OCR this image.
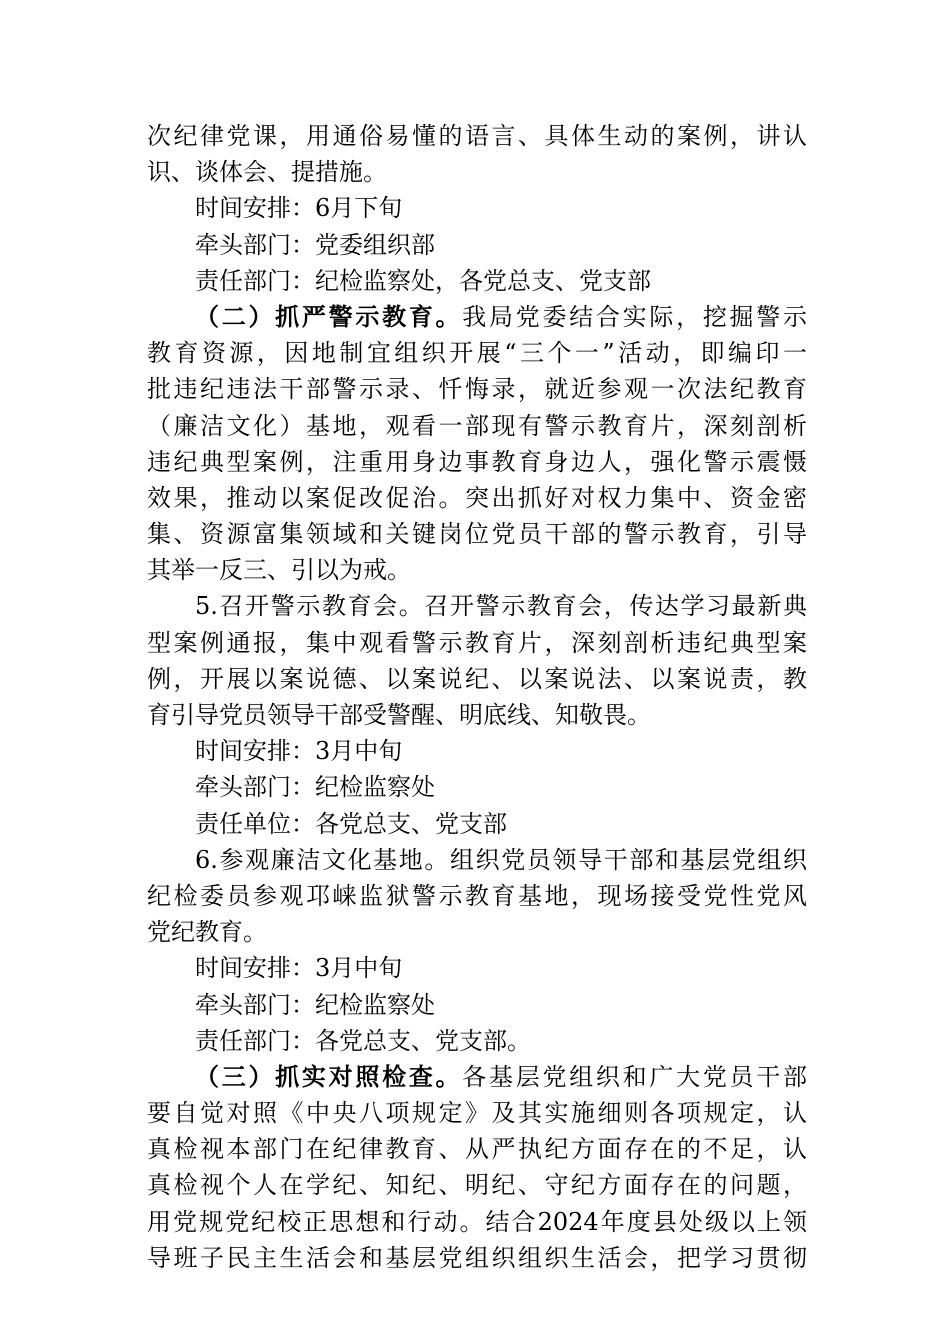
次纪律党课，用通俗易懂的语言、具体生动的案例，讲认
识、谈体会、提措施。
时间安排：6月下旬
牵头部门：党委组织部
责任部门：纪检监察处，各党总支、党支部
（二）抓严警示教育。我局党委结合实际，挖掘警示
教育资源，因地制宜组织开展“三个一”活动，即编印一
批违纪违法干部警示录、忏悔录，就近参观一次法纪教育
（廉洁文化）基地，观看一部现有警示教育片，深刻剖析
违纪典型案例，注重用身边事教育身边人，强化警示震慑
效果，推动以案促改促治。突出抓好对权力集中、资金密
集、资源富集领域和关键岗位党员干部的警示教育，引导
其举一反三、引以为戒。
5.召开警示教育会。召开警示教育会，传达学习最新典
型案例通报，集中观看警示教育片，深刻剖析违纪典型案
例，开展以案说德、以案说纪、以案说法、以案说责，教
育引导党员领导干部受警醒、明底线、知敬畏。
时间安排：3月中旬
牵头部门：纪检监察处
责任单位：各党总支、党支部
6.参观廉洁文化基地。组织党员领导干部和基层党组织
纪检委员参观邛崃监狱警示教育基地，现场接受党性党风
党纪教育。
时间安排：3月中旬
牵头部门：纪检监察处
责任部门：各党总支、党支部。
（三）抓实对照检查。各基层党组织和广大党员干部
要自觉对照《中央八项规定》及其实施细则各项规定，认
真检视本部门在纪律教育、从严执纪方面存在的不足，认
真检视个人在学纪、知纪、明纪、守纪方面存在的问题，
用党规党纪校正思想和行动。结合2024年度县处级以上领
导班子民主生活会和基层党组织组织生活会，把学习贯彻
